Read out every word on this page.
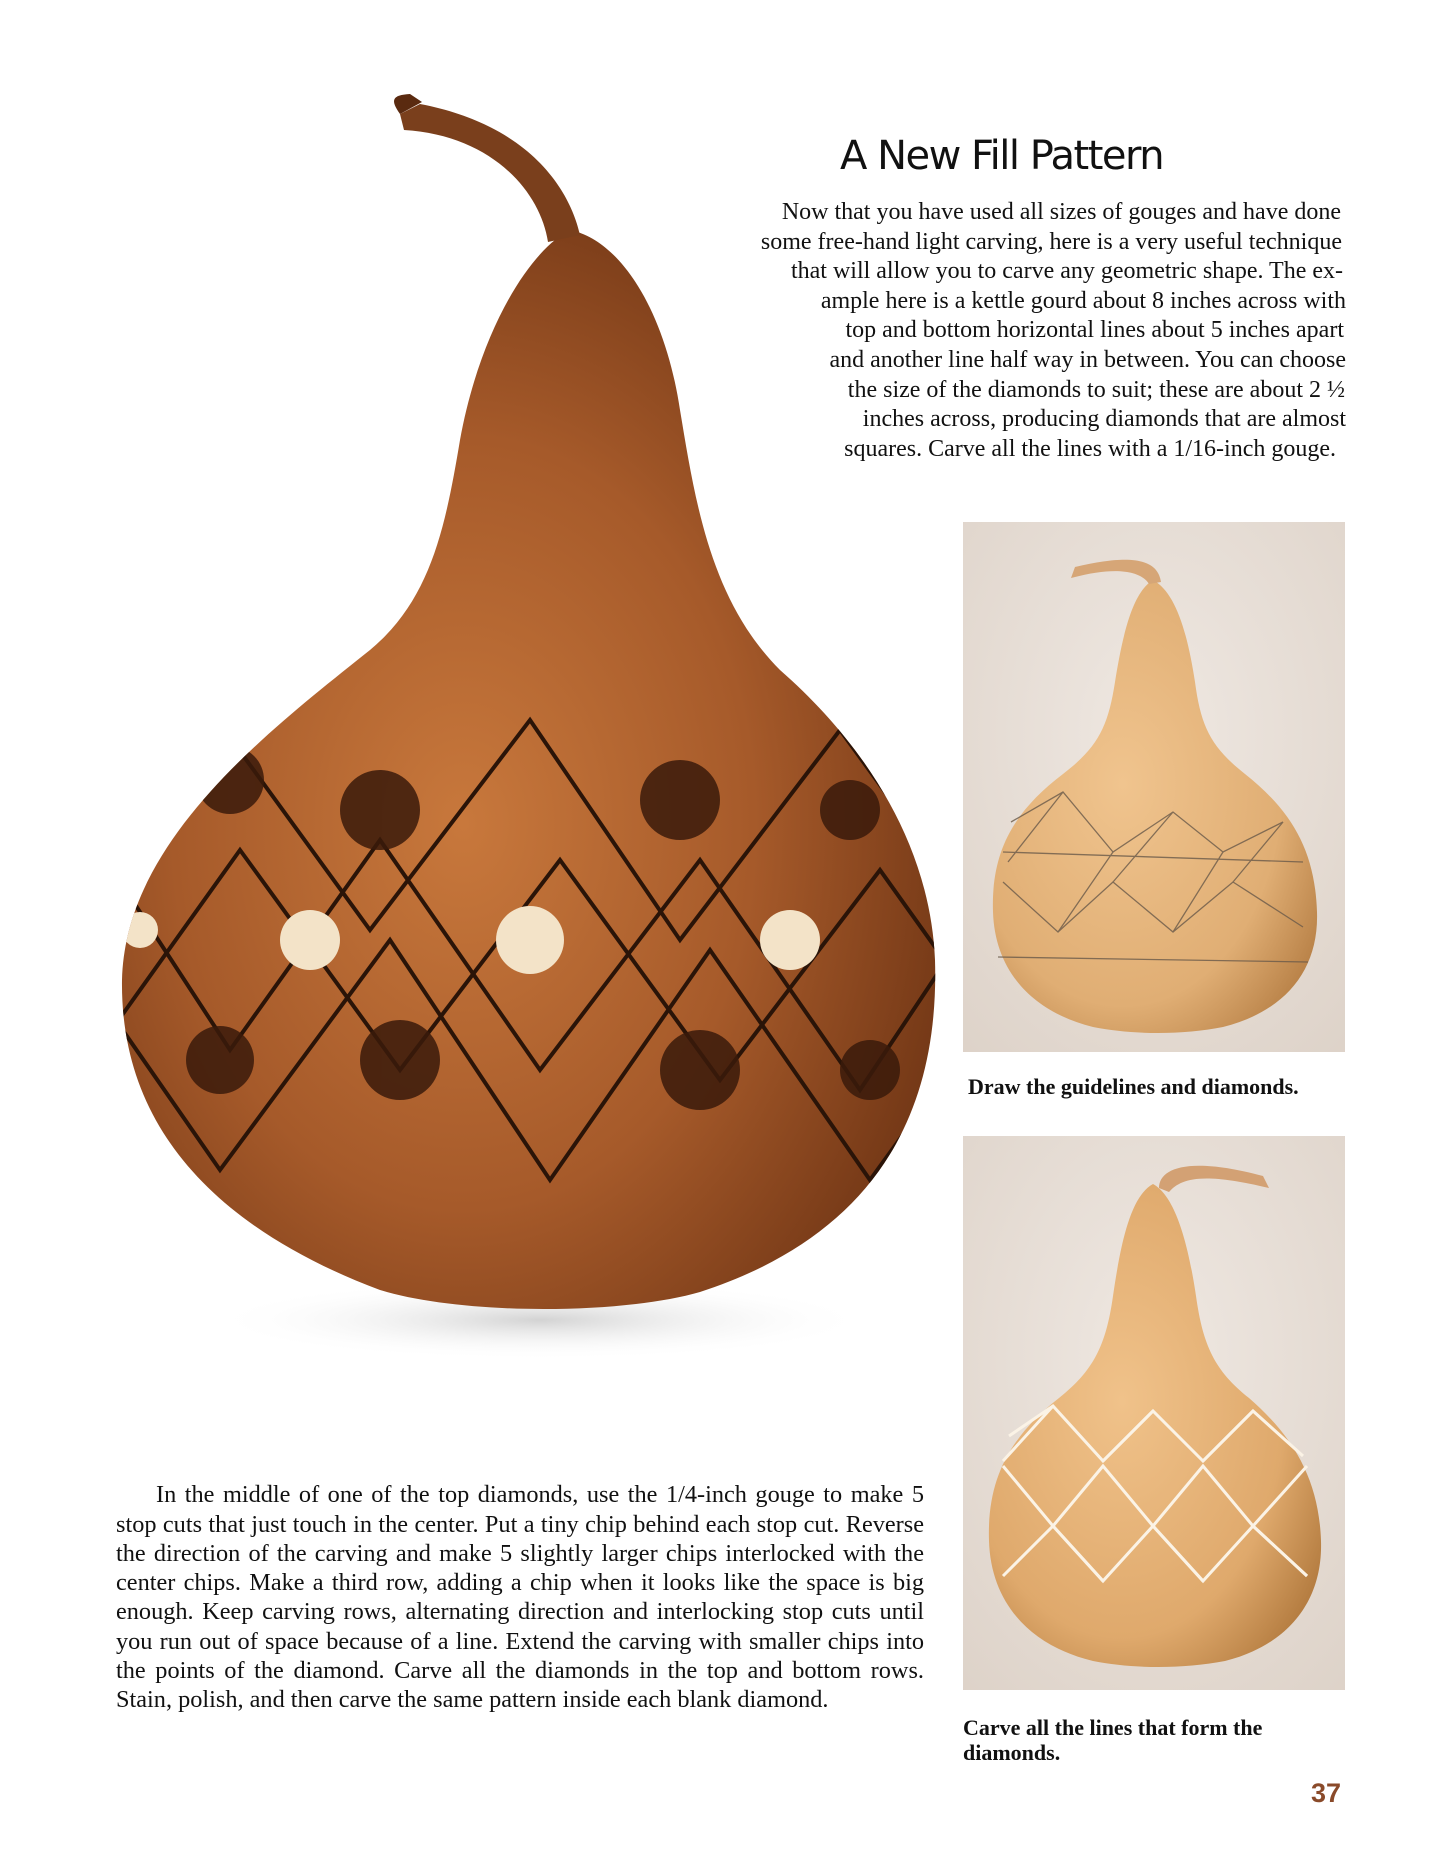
A New Fill Pattern
Now that you have used all sizes of gouges and have done
some free-hand light carving, here is a very useful technique
that will allow you to carve any geometric shape. The ex-
ample here is a kettle gourd about 8 inches across with
top and bottom horizontal lines about 5 inches apart
and another line half way in between. You can choose
the size of the diamonds to suit; these are about 2 ½
inches across, producing diamonds that are almost
squares. Carve all the lines with a 1/16-inch gouge.
Draw the guidelines and diamonds.
Carve all the lines that form the diamonds.

In the middle of one of the top diamonds, use the 1/4-inch gouge to make 5 stop cuts that just touch in the center. Put a tiny chip behind each stop cut. Reverse the direction of the carving and make 5 slightly larger chips interlocked with the center chips. Make a third row, adding a chip when it looks like the space is big enough. Keep carving rows, alternating direction and interlocking stop cuts until you run out of space because of a line. Extend the carving with smaller chips into the points of the diamond. Carve all the diamonds in the top and bottom rows. Stain, polish, and then carve the same pattern inside each blank diamond.

37
